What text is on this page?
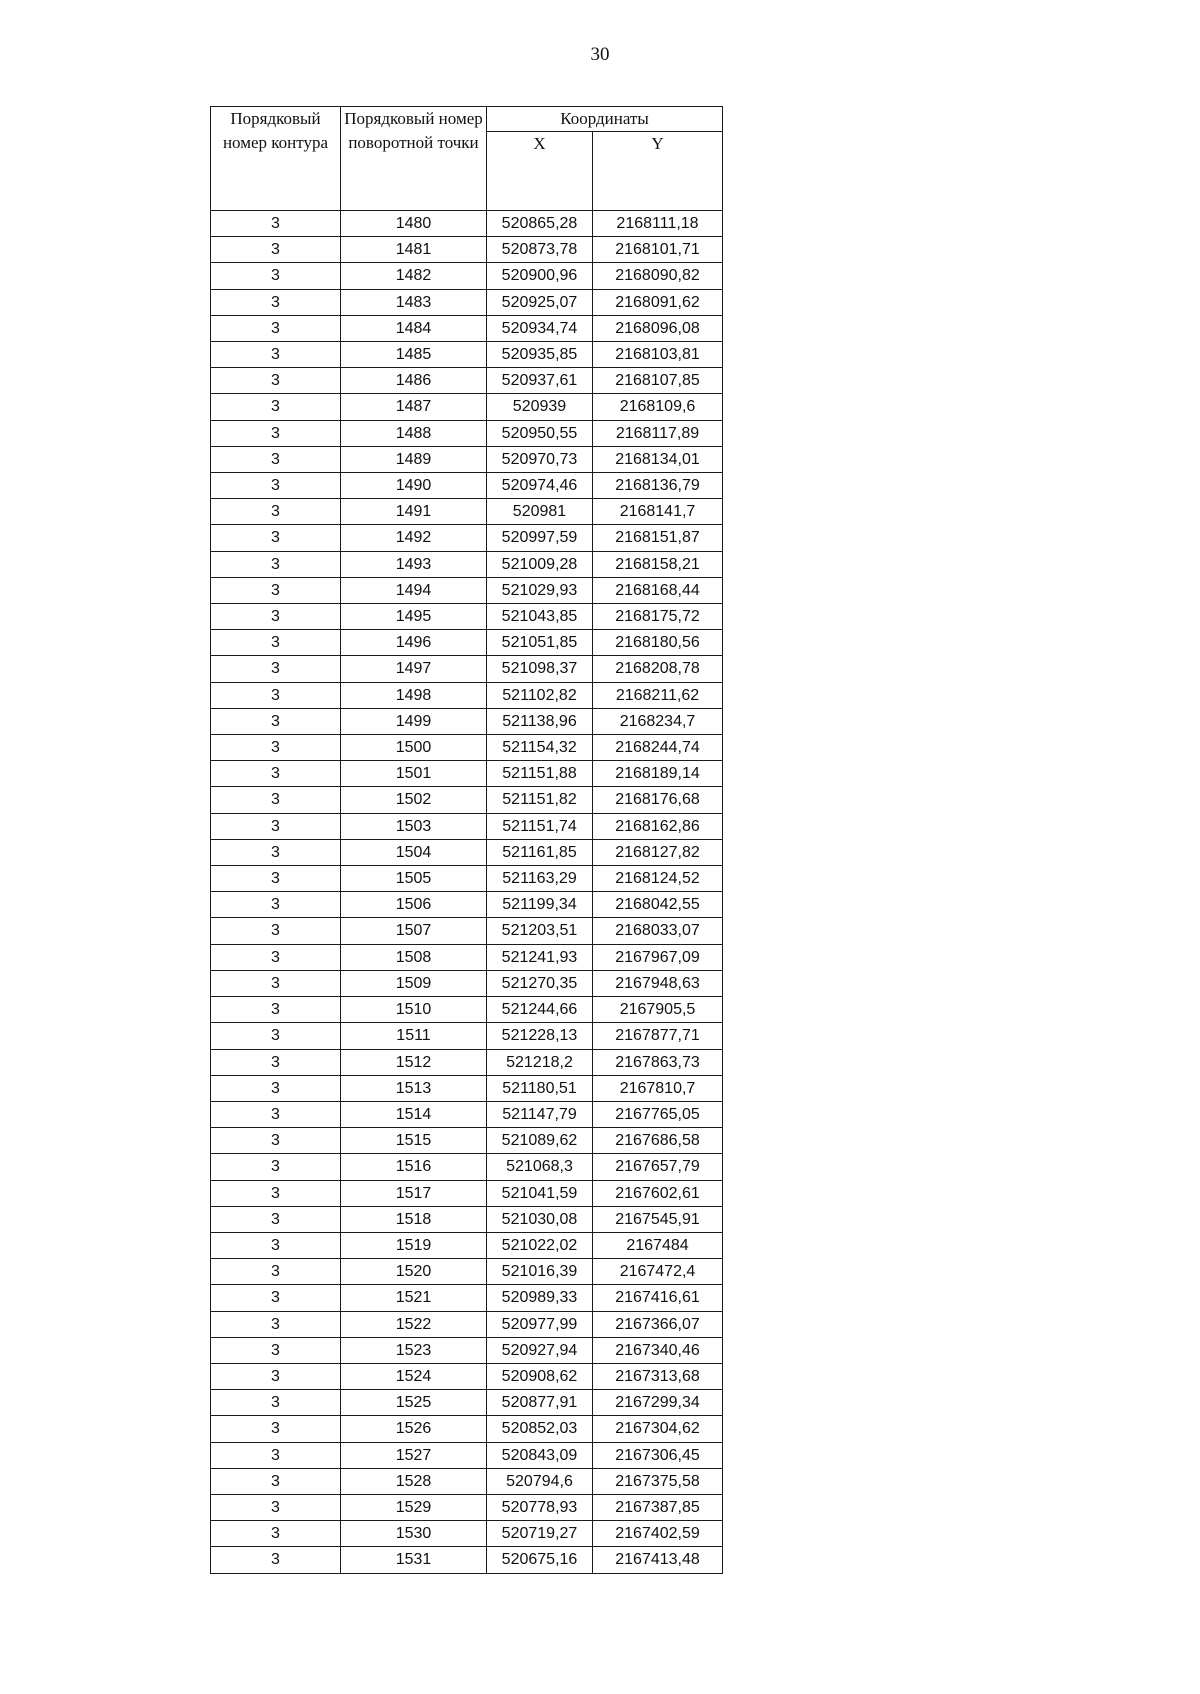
30
Порядковый номер контура	Порядковый номер поворотной точки	Координаты	
		X	Y
3	1480	520865,28	2168111,18
3	1481	520873,78	2168101,71
3	1482	520900,96	2168090,82
3	1483	520925,07	2168091,62
3	1484	520934,74	2168096,08
3	1485	520935,85	2168103,81
3	1486	520937,61	2168107,85
3	1487	520939	2168109,6
3	1488	520950,55	2168117,89
3	1489	520970,73	2168134,01
3	1490	520974,46	2168136,79
3	1491	520981	2168141,7
3	1492	520997,59	2168151,87
3	1493	521009,28	2168158,21
3	1494	521029,93	2168168,44
3	1495	521043,85	2168175,72
3	1496	521051,85	2168180,56
3	1497	521098,37	2168208,78
3	1498	521102,82	2168211,62
3	1499	521138,96	2168234,7
3	1500	521154,32	2168244,74
3	1501	521151,88	2168189,14
3	1502	521151,82	2168176,68
3	1503	521151,74	2168162,86
3	1504	521161,85	2168127,82
3	1505	521163,29	2168124,52
3	1506	521199,34	2168042,55
3	1507	521203,51	2168033,07
3	1508	521241,93	2167967,09
3	1509	521270,35	2167948,63
3	1510	521244,66	2167905,5
3	1511	521228,13	2167877,71
3	1512	521218,2	2167863,73
3	1513	521180,51	2167810,7
3	1514	521147,79	2167765,05
3	1515	521089,62	2167686,58
3	1516	521068,3	2167657,79
3	1517	521041,59	2167602,61
3	1518	521030,08	2167545,91
3	1519	521022,02	2167484
3	1520	521016,39	2167472,4
3	1521	520989,33	2167416,61
3	1522	520977,99	2167366,07
3	1523	520927,94	2167340,46
3	1524	520908,62	2167313,68
3	1525	520877,91	2167299,34
3	1526	520852,03	2167304,62
3	1527	520843,09	2167306,45
3	1528	520794,6	2167375,58
3	1529	520778,93	2167387,85
3	1530	520719,27	2167402,59
3	1531	520675,16	2167413,48
